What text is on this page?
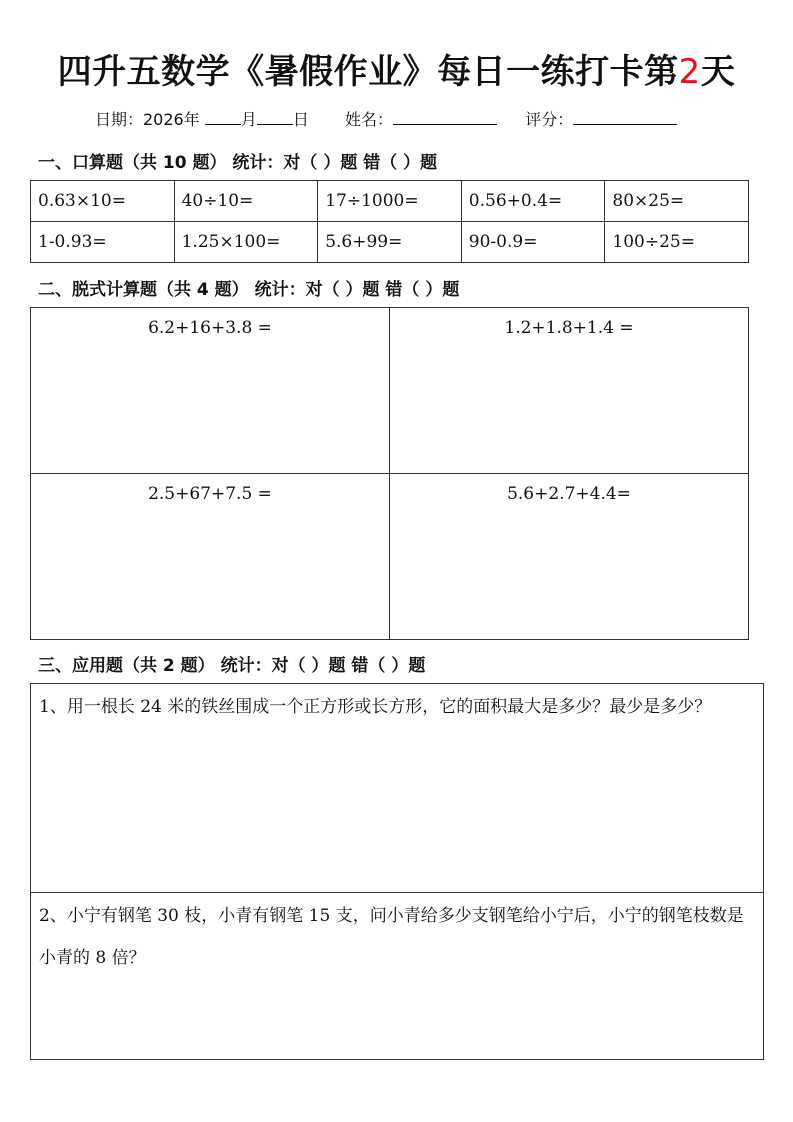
四升五数学《暑假作业》每日一练打卡第2天
日期：2026年	月 日 姓名：	评分：
一、口算题（共 10 题） 统计：对（ ）题 错（ ）题
0.63×10=	40÷10=	17÷1000=	0.56+0.4=	80×25=
1-0.93=	1.25×100=	5.6+99=	90-0.9=	100÷25=
二、脱式计算题（共 4 题） 统计：对（ ）题 错（ ）题
6.2+16+3.8 =	1.2+1.8+1.4 =
2.5+67+7.5 =	5.6+2.7+4.4=
三、应用题（共 2 题） 统计：对（ ）题 错（ ）题
1、用一根长 24 米的铁丝围成一个正方形或长方形，它的面积最大是多少？最少是多少？
2、小宁有钢笔 30 枝，小青有钢笔 15 支，问小青给多少支钢笔给小宁后，小宁的钢笔枝数是小青的 8 倍？
